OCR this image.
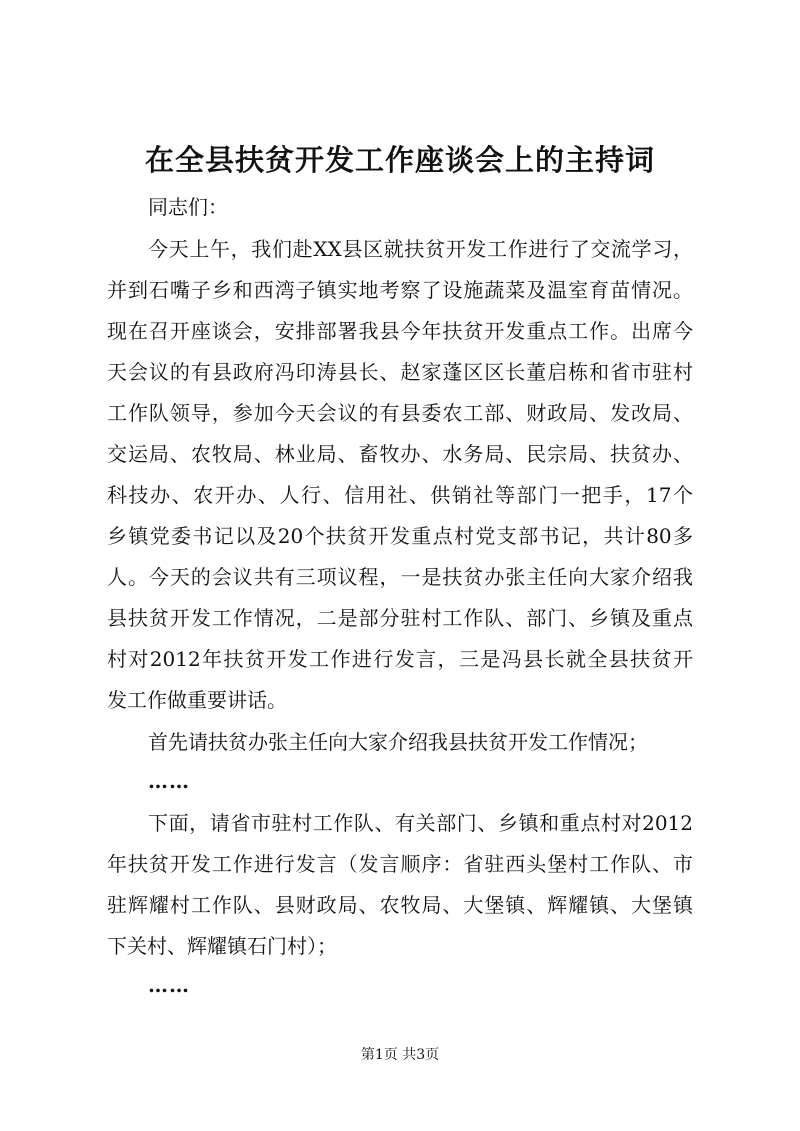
在全县扶贫开发工作座谈会上的主持词

同志们：

今天上午，我们赴XX县区就扶贫开发工作进行了交流学习，

并到石嘴子乡和西湾子镇实地考察了设施蔬菜及温室育苗情况。

现在召开座谈会，安排部署我县今年扶贫开发重点工作。出席今

天会议的有县政府冯印涛县长、赵家蓬区区长董启栋和省市驻村

工作队领导，参加今天会议的有县委农工部、财政局、发改局、

交运局、农牧局、林业局、畜牧办、水务局、民宗局、扶贫办、

科技办、农开办、人行、信用社、供销社等部门一把手，17个

乡镇党委书记以及20个扶贫开发重点村党支部书记，共计80多

人。今天的会议共有三项议程，一是扶贫办张主任向大家介绍我

县扶贫开发工作情况，二是部分驻村工作队、部门、乡镇及重点

村对2012年扶贫开发工作进行发言，三是冯县长就全县扶贫开

发工作做重要讲话。

首先请扶贫办张主任向大家介绍我县扶贫开发工作情况；

……

下面，请省市驻村工作队、有关部门、乡镇和重点村对2012

年扶贫开发工作进行发言（发言顺序：省驻西头堡村工作队、市

驻辉耀村工作队、县财政局、农牧局、大堡镇、辉耀镇、大堡镇

下关村、辉耀镇石门村）；

……

第1页 共3页
